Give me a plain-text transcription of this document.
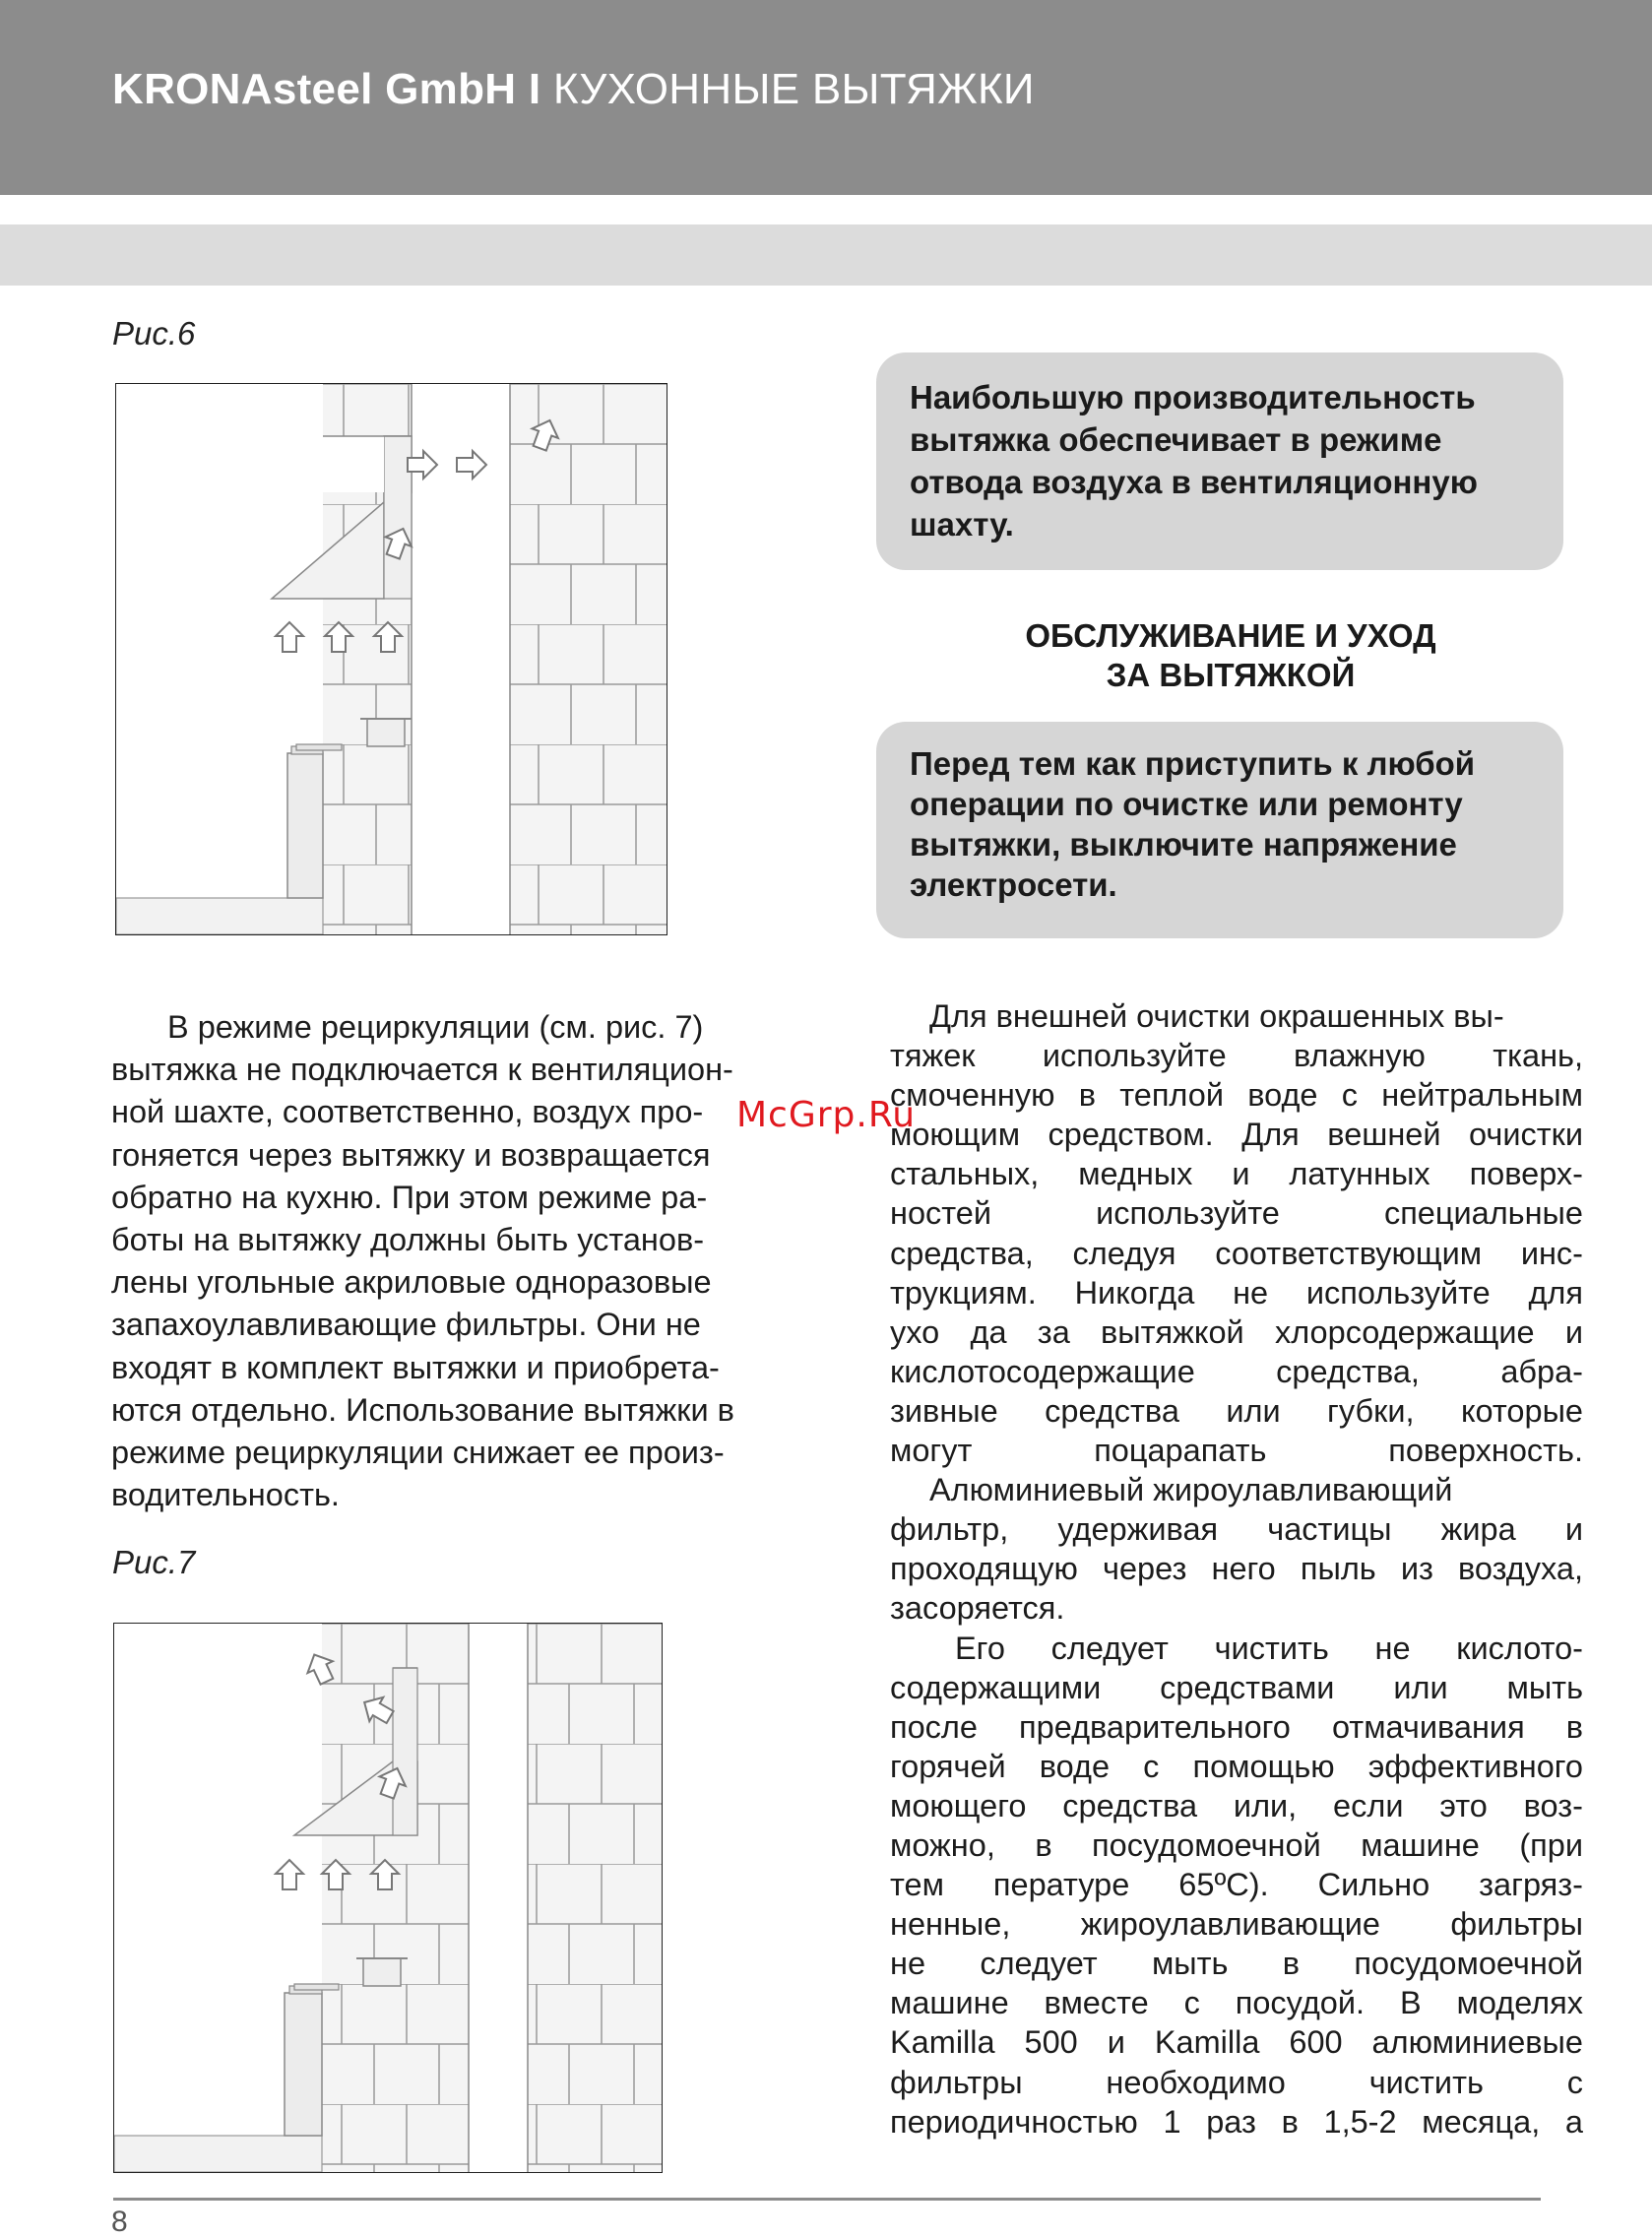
KRONAsteel GmbH I КУХОННЫЕ ВЫТЯЖКИ
Рис.6
Рис.7
Наибольшую производительность вытяжка обеспечивает в режиме отвода воздуха в вентиляционную шахту.
ОБСЛУЖИВАНИЕ И УХОД
ЗА ВЫТЯЖКОЙ
Перед тем как приступить к любой операции по очистке или ремонту вытяжки, выключите напряжение электросети.
В режиме рециркуляции (см. рис. 7)
вытяжка не подключается к вентиляцион-
ной шахте, соответственно, воздух про-
гоняется через вытяжку и возвращается
обратно на кухню. При этом режиме ра-
боты на вытяжку должны быть установ-
лены угольные акриловые одноразовые
запахоулавливающие фильтры. Они не
входят в комплект вытяжки и приобрета-
ются отдельно. Использование вытяжки в
режиме рециркуляции снижает ее произ-
водительность.
Для внешней очистки окрашенных вы-
тяжек используйте влажную ткань,
смоченную в теплой воде с нейтральным
моющим средством. Для вешней очистки
стальных, медных и латунных поверх-
ностей используйте специальные
средства, следуя соответствующим инс-
трукциям. Никогда не используйте для
ухо да за вытяжкой хлорсодержащие и
кислотосодержащие средства, абра-
зивные средства или губки, которые
могут поцарапать поверхность.
Алюминиевый жироулавливающий
фильтр, удерживая частицы жира и
проходящую через него пыль из воздуха,
засоряется.
Его следует чистить не кислото-
содержащими средствами или мыть
после предварительного отмачивания в
горячей воде с помощью эффективного
моющего средства или, если это воз-
можно, в посудомоечной машине (при
тем пературе 65ºC). Сильно загряз-
ненные, жироулавливающие фильтры
не следует мыть в посудомоечной
машине вместе с посудой. В моделях
Kamilla 500 и Kamilla 600 алюминиевые
фильтры необходимо чистить с
периодичностью 1 раз в 1,5-2 месяца, а
McGrp.Ru
8
